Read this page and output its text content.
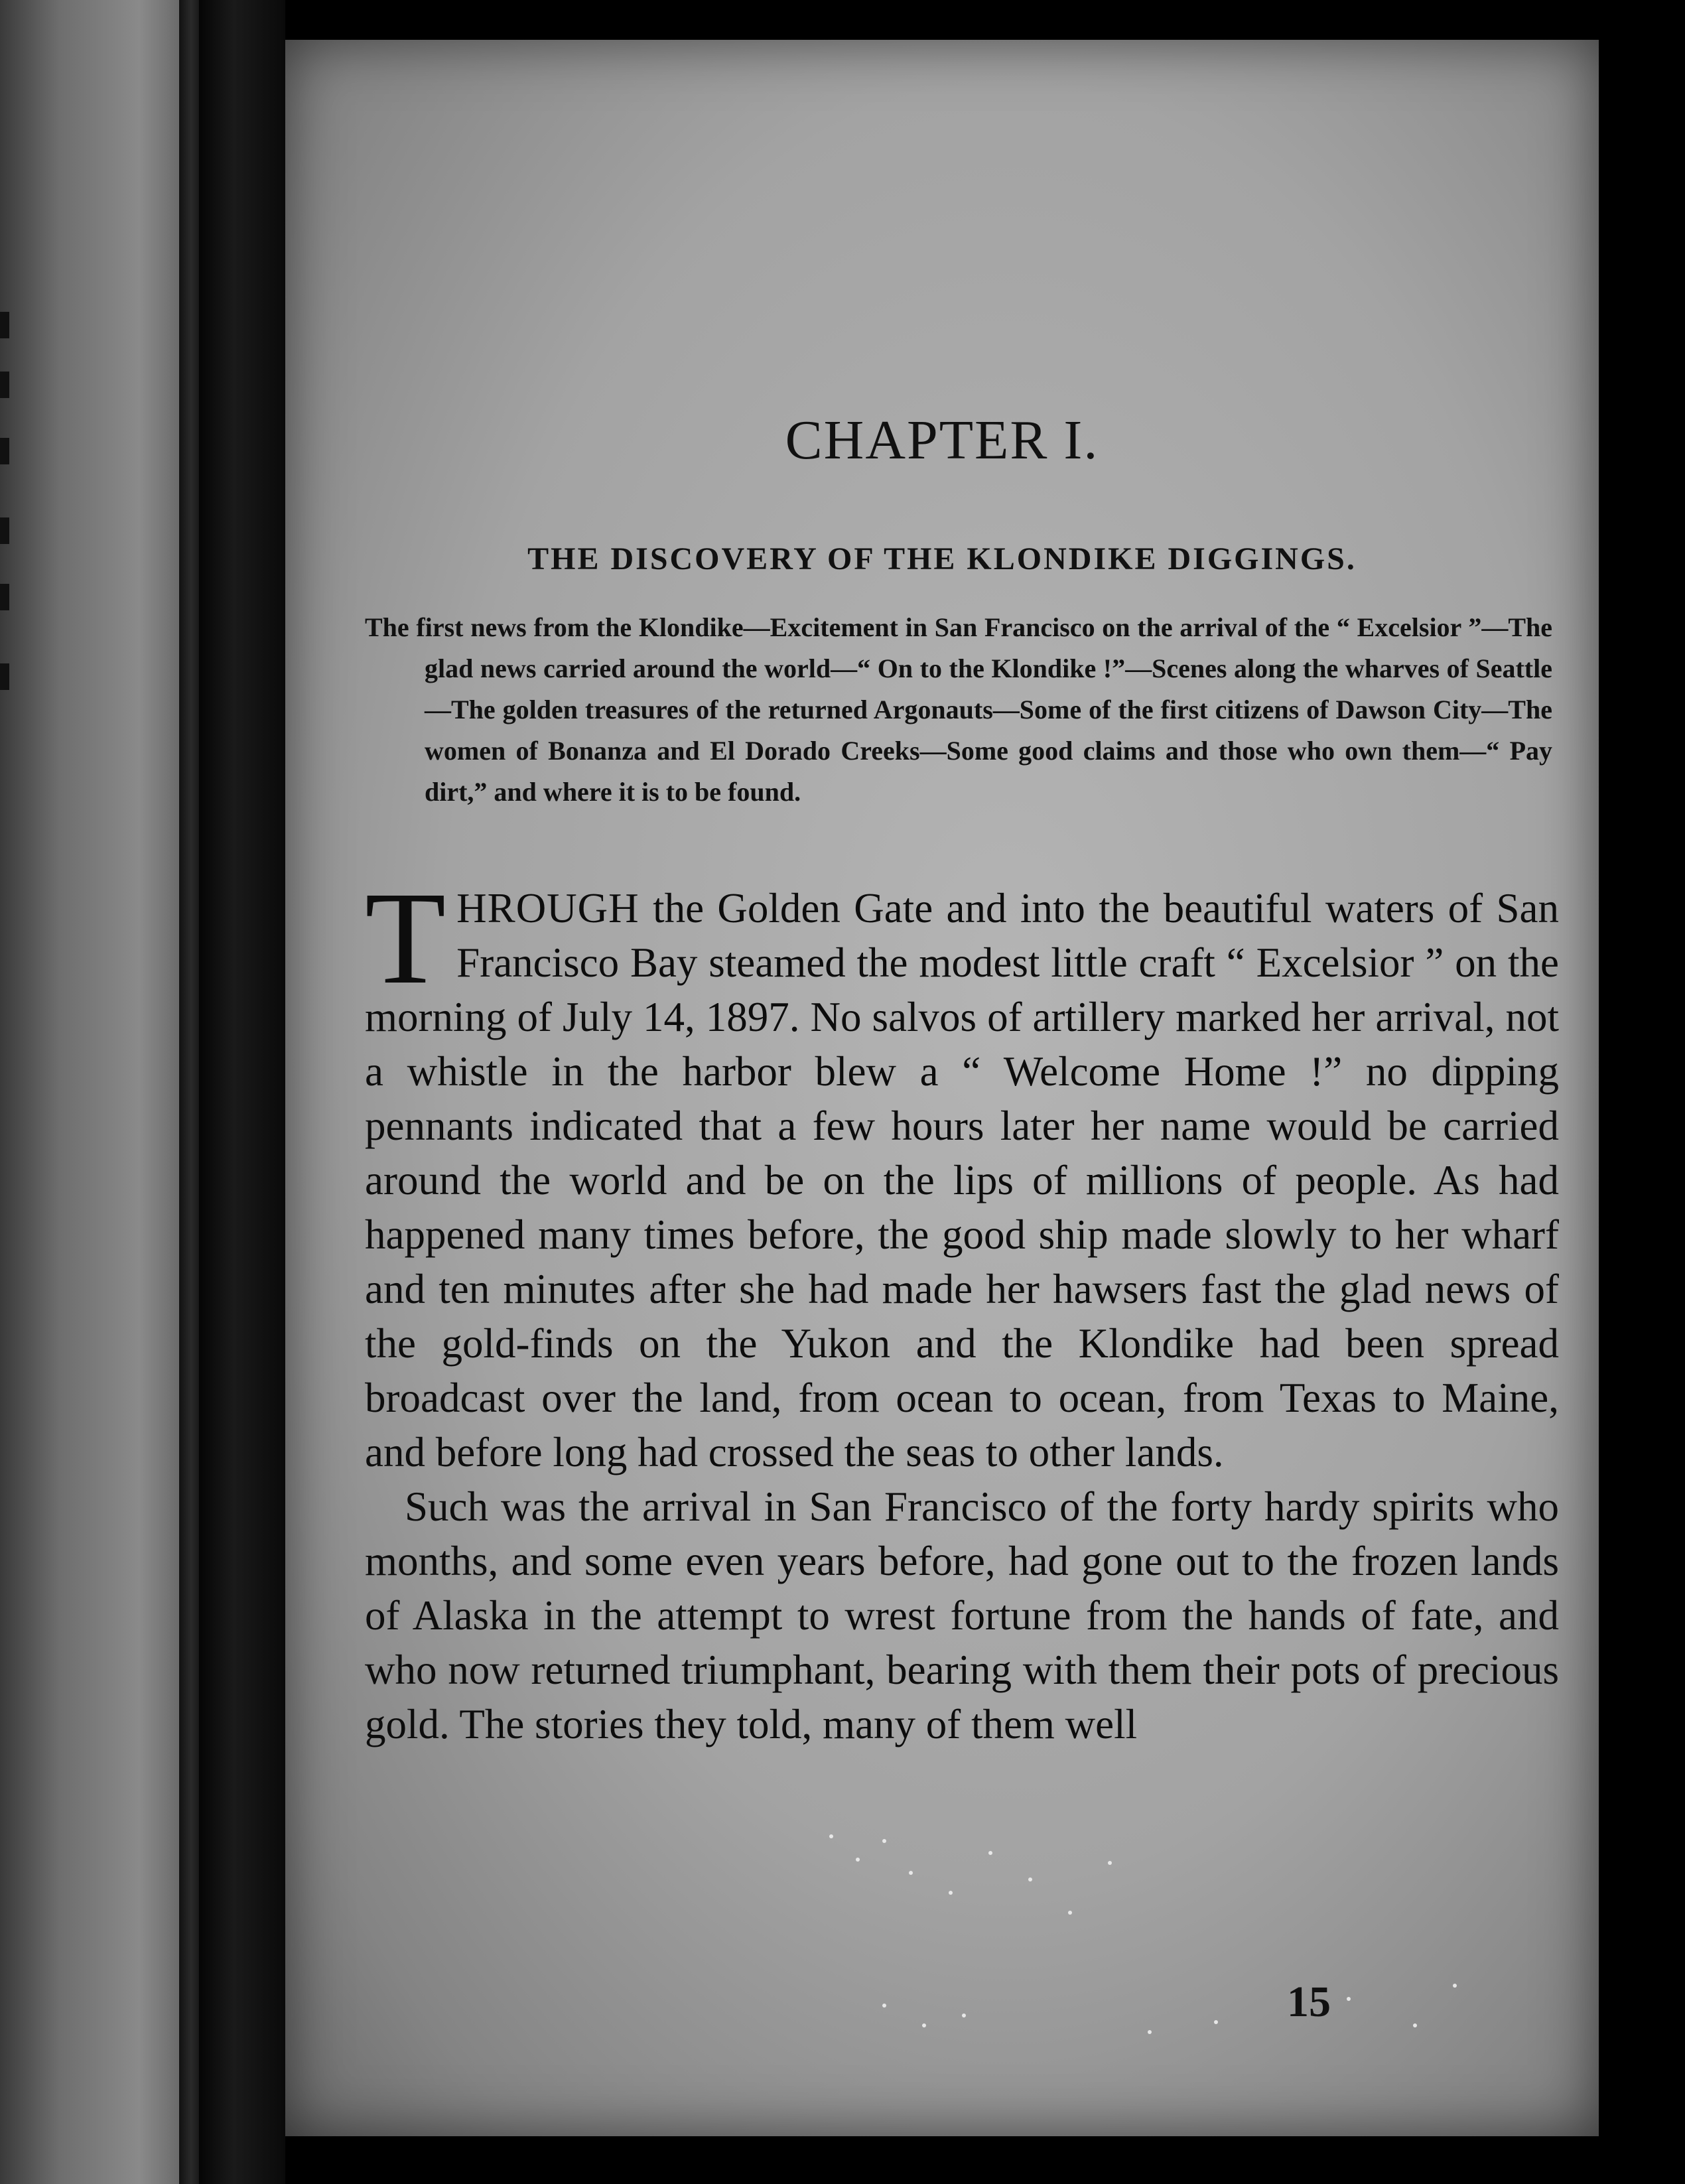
CHAPTER I.
THE DISCOVERY OF THE KLONDIKE DIGGINGS.

The first news from the Klondike—Excitement in San Francisco on the arrival of the “ Excelsior ”—The glad news carried around the world—“ On to the Klondike !”—Scenes along the wharves of Seattle—The golden treasures of the returned Argonauts—Some of the first citizens of Dawson City—The women of Bonanza and El Dorado Creeks—Some good claims and those who own them—“ Pay dirt,” and where it is to be found.

THROUGH the Golden Gate and into the beautiful waters of San Francisco Bay steamed the modest little craft “ Excelsior ” on the morning of July 14, 1897. No salvos of artillery marked her arrival, not a whistle in the harbor blew a “ Welcome Home !” no dipping pennants indicated that a few hours later her name would be carried around the world and be on the lips of millions of people. As had happened many times before, the good ship made slowly to her wharf and ten minutes after she had made her hawsers fast the glad news of the gold-finds on the Yukon and the Klondike had been spread broadcast over the land, from ocean to ocean, from Texas to Maine, and before long had crossed the seas to other lands.

Such was the arrival in San Francisco of the forty hardy spirits who months, and some even years before, had gone out to the frozen lands of Alaska in the attempt to wrest fortune from the hands of fate, and who now returned triumphant, bearing with them their pots of precious gold. The stories they told, many of them well

15
